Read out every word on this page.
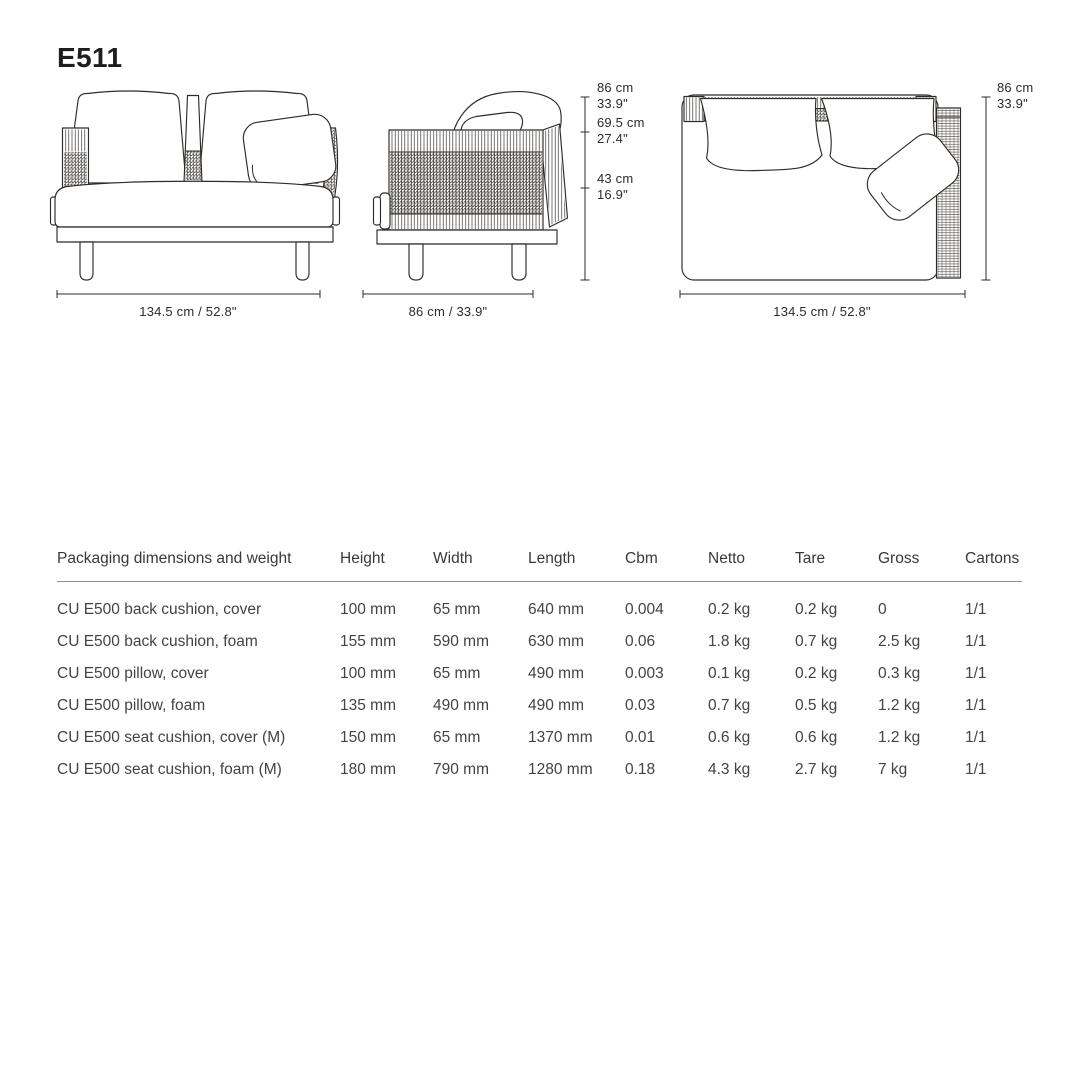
E511
134.5 cm / 52.8"	86 cm / 33.9"
86 cm
33.9"
69.5 cm
27.4"
43 cm
16.9"
86 cm
33.9"
134.5 cm / 52.8"
Packaging dimensions and weight	Height	Width	Length	Cbm	Netto	Tare	Gross	Cartons
CU E500 back cushion, cover	100 mm	65 mm	640 mm	0.004	0.2 kg	0.2 kg	0	1/1
CU E500 back cushion, foam	155 mm	590 mm	630 mm	0.06	1.8 kg	0.7 kg	2.5 kg	1/1
CU E500 pillow, cover	100 mm	65 mm	490 mm	0.003	0.1 kg	0.2 kg	0.3 kg	1/1
CU E500 pillow, foam	135 mm	490 mm	490 mm	0.03	0.7 kg	0.5 kg	1.2 kg	1/1
CU E500 seat cushion, cover (M)	150 mm	65 mm	1370 mm	0.01	0.6 kg	0.6 kg	1.2 kg	1/1
CU E500 seat cushion, foam (M)	180 mm	790 mm	1280 mm	0.18	4.3 kg	2.7 kg	7 kg	1/1
